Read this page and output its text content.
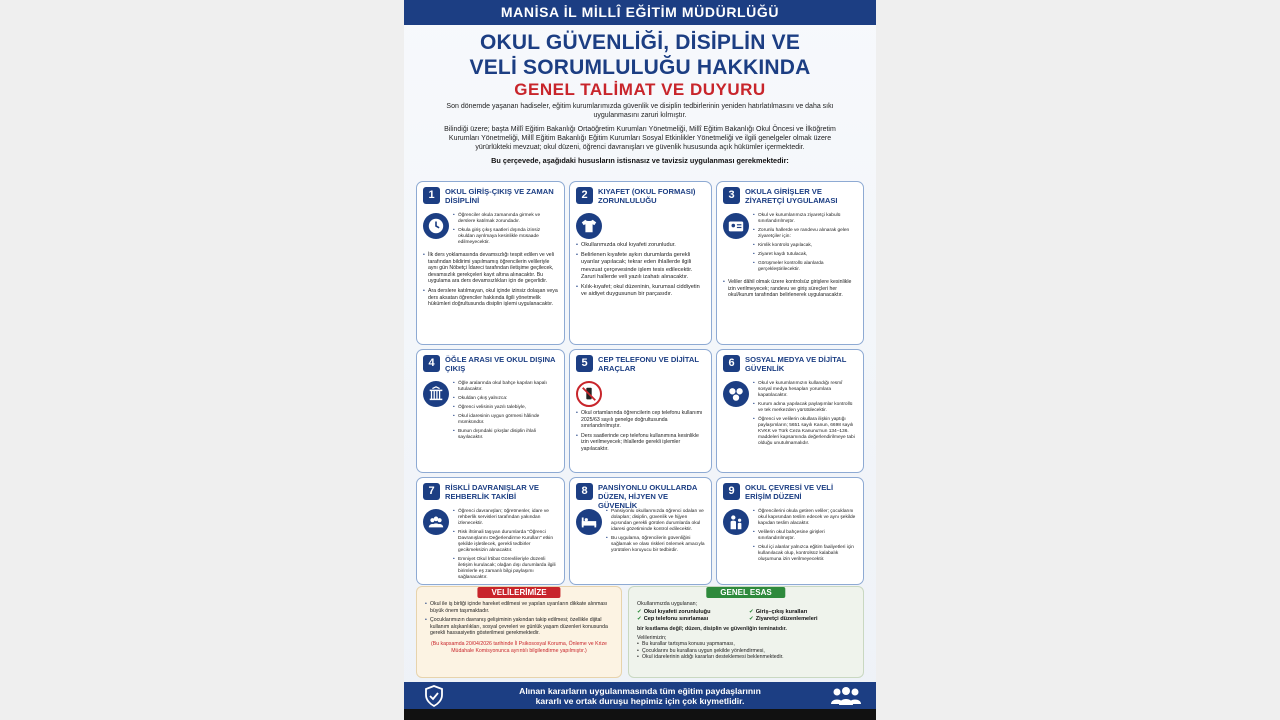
MANİSA İL MİLLÎ EĞİTİM MÜDÜRLÜĞÜ
OKUL GÜVENLİĞİ, DİSİPLİN VE
VELİ SORUMLULUĞU HAKKINDA
GENEL TALİMAT VE DUYURU

Son dönemde yaşanan hadiseler, eğitim kurumlarımızda güvenlik ve disiplin tedbirlerinin yeniden hatırlatılmasını ve daha sıkı uygulanmasını zaruri kılmıştır.

Bilindiği üzere; başta Millî Eğitim Bakanlığı Ortaöğretim Kurumları Yönetmeliği, Millî Eğitim Bakanlığı Okul Öncesi ve İlköğretim Kurumları Yönetmeliği, Millî Eğitim Bakanlığı Eğitim Kurumları Sosyal Etkinlikler Yönetmeliği ve ilgili genelgeler olmak üzere yürürlükteki mevzuat; okul düzeni, öğrenci davranışları ve güvenlik hususunda açık hükümler içermektedir.

Bu çerçevede, aşağıdaki hususların istisnasız ve tavizsiz uygulanması gerekmektedir:
1	OKUL GİRİŞ-ÇIKIŞ VE ZAMAN DİSİPLİNİ
• Öğrenciler okula zamanında girmek ve derslere katılmak zorundadır.
• Okula giriş çıkış saatleri dışında izinsiz okuldan ayrılmaya kesinlikle müsaade edilmeyecektir.
• İlk ders yoklamasında devamsızlığı tespit edilen ve veli tarafından bildirimi yapılmamış öğrencilerin velileriyle aynı gün Nöbetçi İdareci tarafından iletişime geçilecek, devamsızlık gerekçeleri kayıt altına alınacaktır. Bu uygulama ara ders devamsızlıkları için de geçerlidir.
• Ara derslere katılmayan, okul içinde izinsiz dolaşan veya ders aksatan öğrenciler hakkında ilgili yönetmelik hükümleri doğrultusunda disiplin işlemi uygulanacaktır.
2	KIYAFET (OKUL FORMASI) ZORUNLULUĞU
• Okullarımızda okul kıyafeti zorunludur.
• Belirlenen kıyafete aykırı durumlarda gerekli uyarılar yapılacak; tekrar eden ihlallerde ilgili mevzuat çerçevesinde işlem tesis edilecektir. Zaruri hallerde veli yazılı izahatı alınacaktır.
• Kılık-kıyafet; okul düzeninin, kurumsal ciddiyetin ve aidiyet duygusunun bir parçasıdır.
3	OKULA GİRİŞLER VE ZİYARETÇİ UYGULAMASI
• Okul ve kurumlarımıza ziyaretçi kabulü sınırlandırılmıştır.
• Zorunlu hallerde ve randevu alınarak gelen ziyaretçiler için:
• Kimlik kontrolü yapılacak,
• Ziyaret kaydı tutulacak,
• Görüşmeler kontrollü alanlarda gerçekleştirilecektir.
• Veliler dâhil olmak üzere kontrolsüz girişlere kesinlikle izin verilmeyecek; randevu ve giriş süreçleri her okul/kurum tarafından belirlenerek uygulanacaktır.
4	ÖĞLE ARASI VE OKUL DIŞINA ÇIKIŞ
• Öğle aralarında okul bahçe kapıları kapalı tutulacaktır.
• Okuldan çıkış yalnızca:
• Öğrenci velisinin yazılı talebiyle,
• Okul idaresinin uygun görmesi hâlinde mümkündür.
• Bunun dışındaki çıkışlar disiplin ihlali sayılacaktır.
5	CEP TELEFONU VE DİJİTAL ARAÇLAR
• Okul ortamlarında öğrencilerin cep telefonu kullanımı 2025/63 sayılı genelge doğrultusunda sınırlandırılmıştır.
• Ders saatlerinde cep telefonu kullanımına kesinlikle izin verilmeyecek; ihlallerde gerekli işlemler yapılacaktır.
6	SOSYAL MEDYA VE DİJİTAL GÜVENLİK
• Okul ve kurumlarımızın kullandığı resmî sosyal medya hesapları yorumlara kapatılacaktır.
• Kurum adına yapılacak paylaşımlar kontrollü ve tek merkezden yürütülecektir.
• Öğrenci ve velilerin okullara ilişkin yaptığı paylaşımların; 5651 sayılı Kanun, 6698 sayılı KVKK ve Türk Ceza Kanunu'nun 134–136. maddeleri kapsamında değerlendirilmeye tabi olduğu unutulmamalıdır.
7	RİSKLİ DAVRANIŞLAR VE REHBERLİK TAKİBİ
• Öğrenci davranışları; öğretmenler, idare ve rehberlik servisleri tarafından yakından izlenecektir.
• Risk ihtimali taşıyan durumlarda "Öğrenci Davranışlarını Değerlendirme Kurulları" etkin şekilde işletilecek, gerekli tedbirler gecikmeksizin alınacaktır.
• Emniyet Okul İrtibat Görevlileriyle düzenli iletişim kurulacak; olağan dışı durumlarda ilgili birimlerle eş zamanlı bilgi paylaşımı sağlanacaktır.
8	PANSİYONLU OKULLARDA DÜZEN, HİJYEN VE GÜVENLİK
• Pansiyonlu okullarımızda öğrenci odaları ve dolapları; disiplin, güvenlik ve hijyen açısından gerekli görülen durumlarda okul idaresi gözetiminde kontrol edilecektir.
• Bu uygulama, öğrencilerin güvenliğini sağlamak ve olası riskleri önlemek amacıyla yürütülen koruyucu bir tedbirdir.
9	OKUL ÇEVRESİ VE VELİ ERİŞİM DÜZENİ
• Öğrencilerini okula getiren veliler; çocuklarını okul kapısından teslim edecek ve aynı şekilde kapıdan teslim alacaktır.
• Velilerin okul bahçesine girişleri sınırlandırılmıştır.
• Okul içi alanlar yalnızca eğitim faaliyetleri için kullanılacak olup, kontrolsüz kalabalık oluşumuna izin verilmeyecektir.
VELİLERİMİZE
• Okul ile iş birliği içinde hareket edilmesi ve yapılan uyarıların dikkate alınması büyük önem taşımaktadır.
• Çocuklarımızın davranış gelişiminin yakından takip edilmesi; özellikle dijital kullanım alışkanlıkları, sosyal çevreleri ve günlük yaşam düzenleri konusunda gerekli hassasiyetin gösterilmesi gerekmektedir.
(Bu kapsamda 20/04/2026 tarihinde İl Psikososyal Koruma, Önleme ve Krize Müdahale Komisyonunca ayrıntılı bilgilendirme yapılmıştır.)
GENEL ESAS

Okullarımızda uygulanan;

✔ Okul kıyafeti zorunluluğu	✔ Giriş–çıkış kuralları
✔ Cep telefonu sınırlaması	✔ Ziyaretçi düzenlemeleri

bir kısıtlama değil; düzen, disiplin ve güvenliğin teminatıdır.

Velilerimizin;

• Bu kurallar tartışma konusu yapmaması,
• Çocuklarını bu kurallara uygun şekilde yönlendirmesi,
• Okul idarelerinin aldığı kararları desteklemesi beklenmektedir.
Alınan kararların uygulanmasında tüm eğitim paydaşlarının
kararlı ve ortak duruşu hepimiz için çok kıymetlidir.
